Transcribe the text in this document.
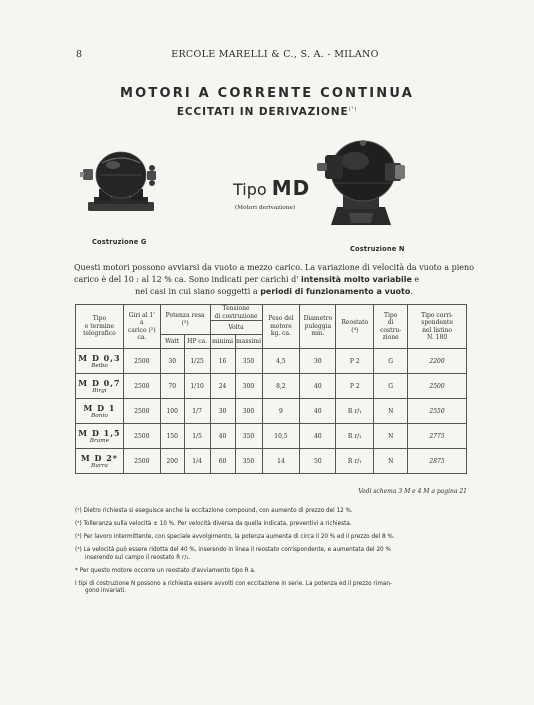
8	ERCOLE MARELLI & C., S. A. - MILANO
MOTORI A CORRENTE CONTINUA
ECCITATI IN $DERIVAZIONE^{(^1)}$
Costruzione G
Tipo MD
(Motori derivazione)
Costruzione N
Questi motori possono avviarsi da vuoto a mezzo carico. La variazione di velocità da vuoto a pieno carico è del 10 : al 12 % ca. Sono indicati per carichi d' intensità molto variabile e
nei casi in cui siano soggetti a periodi di funzionamento a vuoto.
Tipo
e termine
telegrafico	Giri al 1'
a
carico (²)
ca.	Potenza resa
(³)		Tensione
di costruzione		Peso del
motore
kg. ca.	Diametro
puleggia
mm.	Reostato
(⁴)	Tipo
di
costru-
zione	Tipo corri-
spondente
nel listino
N. 180
				Volta						
		Watt	HP ca.	minimi	massimi					

M D 0,3
Belbo	2500	30	1/25	16	350	4,5	30	P 2	G	2200

M D 0,7
Birgi	2500	70	1/10	24	300	8,2	40	P 2	G	2500

M D 1
Bonio	2500	100	1/7	30	300	9	40	R r/₁	N	2550

M D 1,5
Brame	2500	150	1/5	40	350	10,5	40	R r/₁	N	2775

M D 2*
Burra	2500	200	1/4	60	350	14	50	R r/₁	N	2875
Vedi schema 3 M e 4 M a pagina 21

(¹) Dietro richiesta si eseguisce anche la eccitazione compound, con aumento di prezzo del 12 %.

(²) Tolleranza sulla velocità ± 10 %. Per velocità diversa da quella indicata, preventivi a richiesta.

(³) Per lavoro intermittente, con speciale avvolgimento, la potenza aumenta di circa il 20 % ed il prezzo del 8 %.

(⁴) La velocità può essere ridotta del 40 %, inserendo in linea il reostato corrispondente, e aumentata del 20 %
inserendo sul campo il reostato R r/₁.

* Per questo motore occorre un reostato d'avviamento tipo R a.

I tipi di costruzione N possono a richiesta essere avvolti con eccitazione in serie. La potenza ed il prezzo riman-
gono invariati.
